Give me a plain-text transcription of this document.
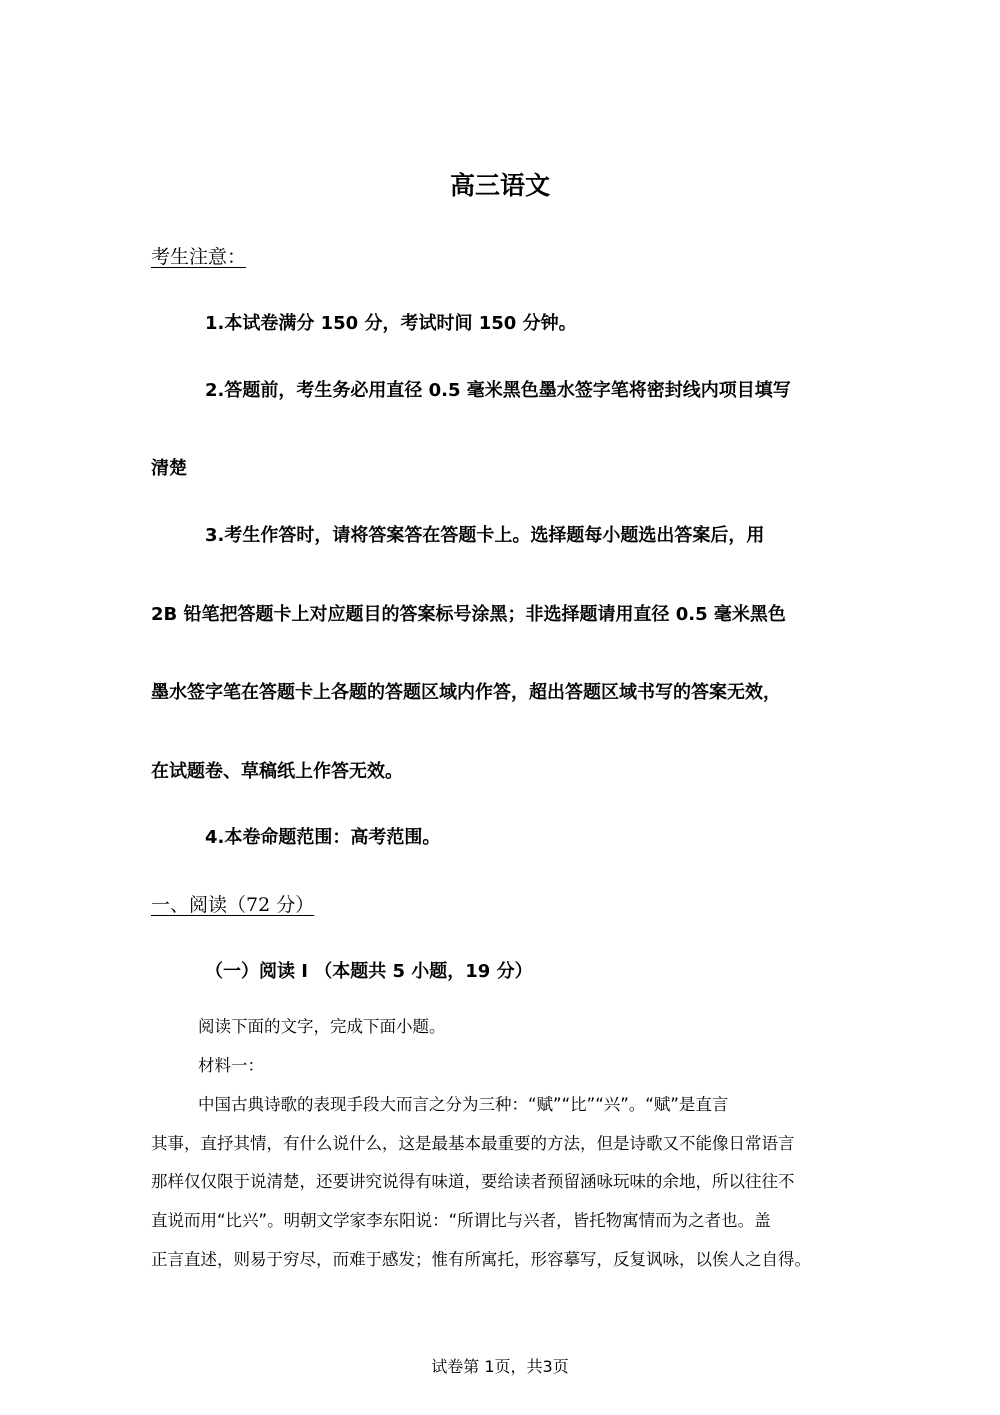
高三语文
考生注意：
1.本试卷满分 150 分，考试时间 150 分钟。
2.答题前，考生务必用直径 0.5 毫米黑色墨水签字笔将密封线内项目填写
清楚
3.考生作答时，请将答案答在答题卡上。选择题每小题选出答案后，用
2B 铅笔把答题卡上对应题目的答案标号涂黑；非选择题请用直径 0.5 毫米黑色
墨水签字笔在答题卡上各题的答题区域内作答，超出答题区域书写的答案无效，
在试题卷、草稿纸上作答无效。
4.本卷命题范围：高考范围。
一、阅读（72 分）
（一）阅读 I （本题共 5 小题，19 分）
阅读下面的文字，完成下面小题。
材料一：
中国古典诗歌的表现手段大而言之分为三种：“赋”“比”“兴”。“赋”是直言
其事，直抒其情，有什么说什么，这是最基本最重要的方法，但是诗歌又不能像日常语言
那样仅仅限于说清楚，还要讲究说得有味道，要给读者预留涵咏玩味的余地，所以往往不
直说而用“比兴”。明朝文学家李东阳说：“所谓比与兴者，皆托物寓情而为之者也。盖
正言直述，则易于穷尽，而难于感发；惟有所寓托，形容摹写，反复讽咏，以俟人之自得。
试卷第 1页，共3页
